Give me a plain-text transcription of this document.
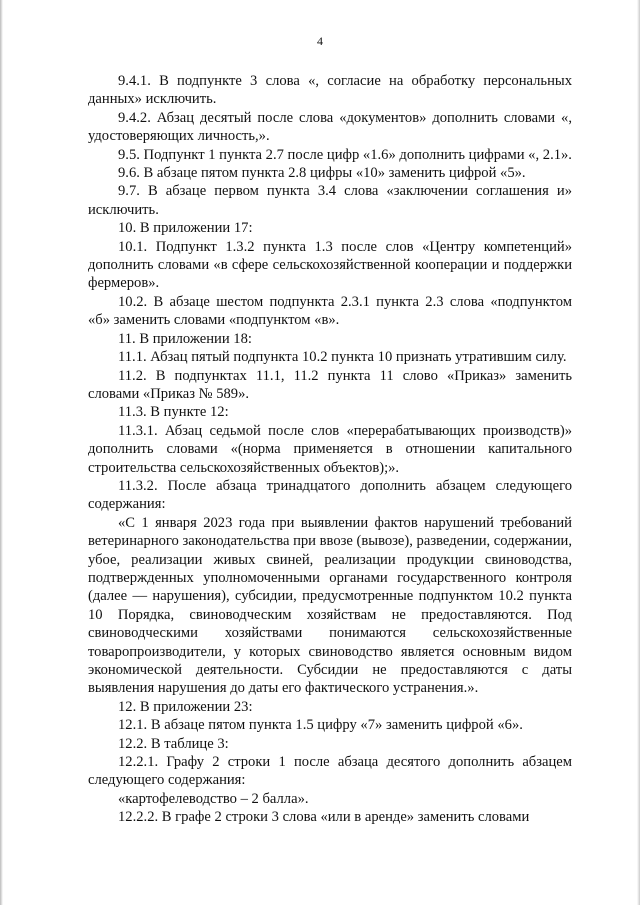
4

9.4.1. В подпункте 3 слова «, согласие на обработку персональных данных» исключить.

9.4.2. Абзац десятый после слова «документов» дополнить словами «, удостоверяющих личность,».

9.5. Подпункт 1 пункта 2.7 после цифр «1.6» дополнить цифрами «, 2.1».

9.6. В абзаце пятом пункта 2.8 цифры «10» заменить цифрой «5».

9.7. В абзаце первом пункта 3.4 слова «заключении соглашения и» исключить.

10. В приложении 17:

10.1. Подпункт 1.3.2 пункта 1.3 после слов «Центру компетенций» дополнить словами «в сфере сельскохозяйственной кооперации и поддержки фермеров».

10.2. В абзаце шестом подпункта 2.3.1 пункта 2.3 слова «подпунктом «б» заменить словами «подпунктом «в».

11. В приложении 18:

11.1. Абзац пятый подпункта 10.2 пункта 10 признать утратившим силу.

11.2. В подпунктах 11.1, 11.2 пункта 11 слово «Приказ» заменить словами «Приказ № 589».

11.3. В пункте 12:

11.3.1. Абзац седьмой после слов «перерабатывающих производств)» дополнить словами «(норма применяется в отношении капитального строительства сельскохозяйственных объектов);».

11.3.2. После абзаца тринадцатого дополнить абзацем следующего содержания:

«С 1 января 2023 года при выявлении фактов нарушений требований ветеринарного законодательства при ввозе (вывозе), разведении, содержании, убое, реализации живых свиней, реализации продукции свиноводства, подтвержденных уполномоченными органами государственного контроля (далее — нарушения), субсидии, предусмотренные подпунктом 10.2 пункта 10 Порядка, свиноводческим хозяйствам не предоставляются. Под свиноводческими хозяйствами понимаются сельскохозяйственные товаропроизводители, у которых свиноводство является основным видом экономической деятельности. Субсидии не предоставляются с даты выявления нарушения до даты его фактического устранения.».

12. В приложении 23:

12.1. В абзаце пятом пункта 1.5 цифру «7» заменить цифрой «6».

12.2. В таблице 3:

12.2.1. Графу 2 строки 1 после абзаца десятого дополнить абзацем следующего содержания:

«картофелеводство – 2 балла».

12.2.2. В графе 2 строки 3 слова «или в аренде» заменить словами
